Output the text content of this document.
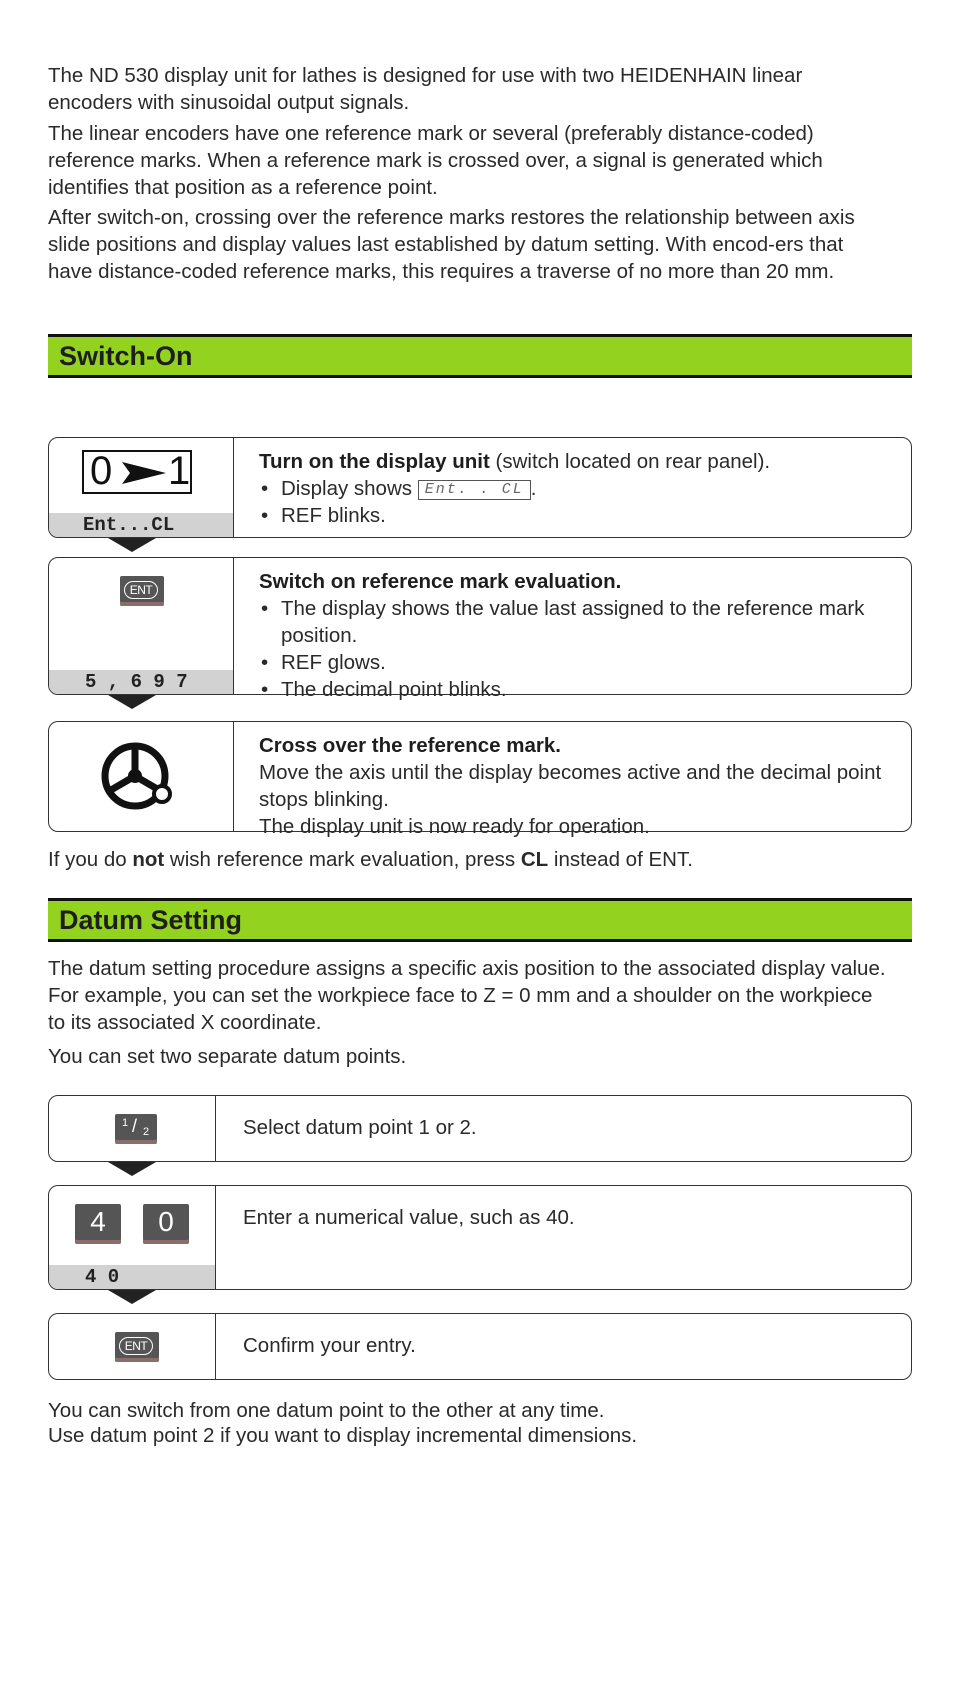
The ND 530 display unit for lathes is designed for use with two HEIDENHAIN linear encoders with sinusoidal output signals.

The linear encoders have one reference mark or several (preferably distance-coded) reference marks. When a reference mark is crossed over, a signal is generated which identifies that position as a reference point.

After switch-on, crossing over the reference marks restores the relationship between axis slide positions and display values last established by datum setting. With encod-ers that have distance-coded reference marks, this requires a traverse of no more than 20 mm.

Switch-On
0 1
Ent...CL
Turn on the display unit (switch located on rear panel).
• Display shows Ent. . CL .
• REF blinks.
ENT
5 , 6 9 7
Switch on reference mark evaluation.
• The display shows the value last assigned to the reference mark position.
• REF glows.
• The decimal point blinks.
Cross over the reference mark.
Move the axis until the display becomes active and the decimal point stops blinking.
The display unit is now ready for operation.

If you do not wish reference mark evaluation, press CL instead of ENT.

Datum Setting

The datum setting procedure assigns a specific axis position to the associated display value. For example, you can set the workpiece face to Z = 0 mm and a shoulder on the workpiece to its associated X coordinate.

You can set two separate datum points.

1 / 2	Select datum point 1 or 2.
4	0
4 0
Enter a numerical value, such as 40.
ENT	Confirm your entry.

You can switch from one datum point to the other at any time.

Use datum point 2 if you want to display incremental dimensions.
